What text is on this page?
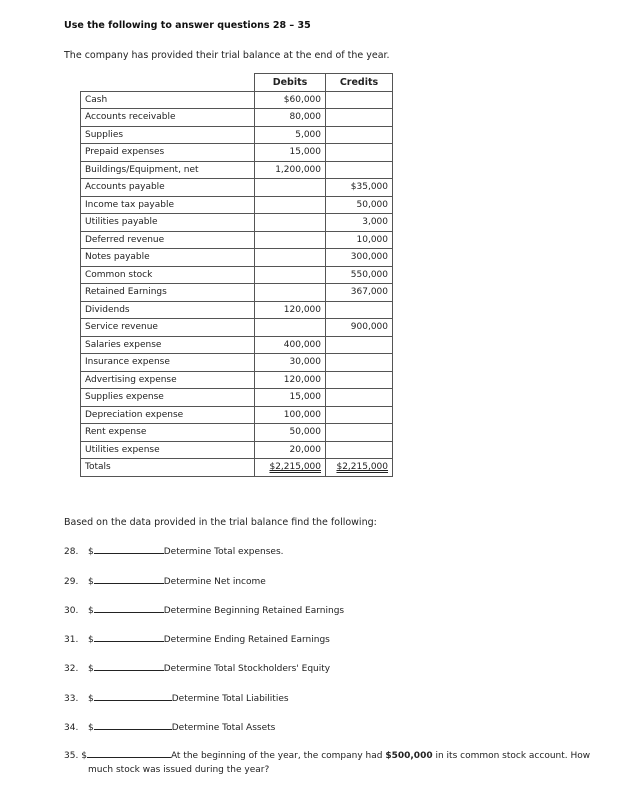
Use the following to answer questions 28 – 35
The company has provided their trial balance at the end of the year.
	Debits	Credits
Cash	$60,000	
Accounts receivable	80,000	
Supplies	5,000	
Prepaid expenses	15,000	
Buildings/Equipment, net	1,200,000	
Accounts payable		$35,000
Income tax payable		50,000
Utilities payable		3,000
Deferred revenue		10,000
Notes payable		300,000
Common stock		550,000
Retained Earnings		367,000
Dividends	120,000	
Service revenue		900,000
Salaries expense	400,000	
Insurance expense	30,000	
Advertising expense	120,000	
Supplies expense	15,000	
Depreciation expense	100,000	
Rent expense	50,000	
Utilities expense	20,000	
Totals	$2,215,000	$2,215,000
Based on the data provided in the trial balance find the following:
28. $	Determine Total expenses.
29. $	Determine Net income
30. $	Determine Beginning Retained Earnings
31. $	Determine Ending Retained Earnings
32. $	Determine Total Stockholders' Equity
33. $	Determine Total Liabilities
34. $	Determine Total Assets
35. $	At the beginning of the year, the company had $500,000 in its common stock account. How
much stock was issued during the year?
